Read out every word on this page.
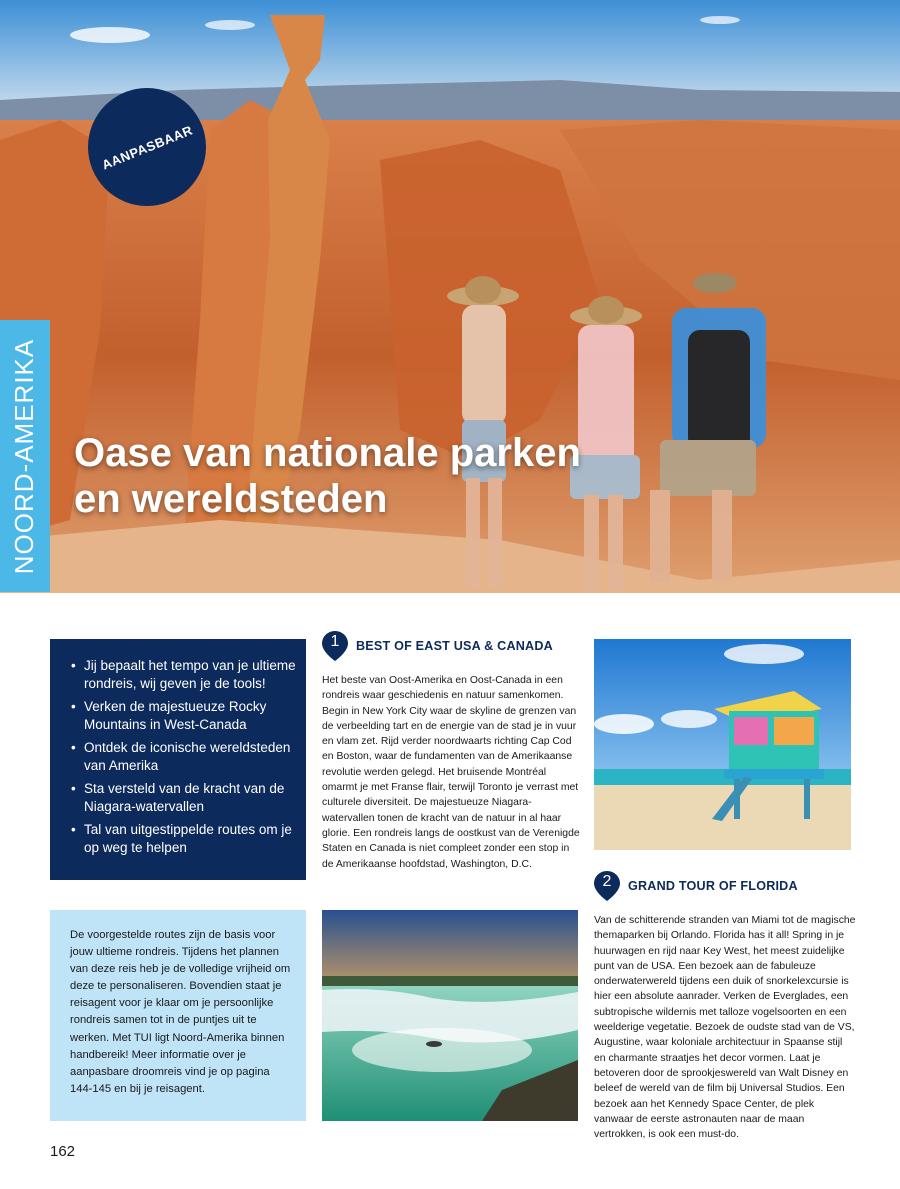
AANPASBAAR
NOORD-AMERIKA Oase van nationale parken
en wereldsteden
• Jij bepaalt het tempo van je ultieme rondreis, wij geven je de tools!
• Verken de majestueuze Rocky Mountains in West-Canada
• Ontdek de iconische wereldsteden van Amerika
• Sta versteld van de kracht van de Niagara-watervallen
• Tal van uitgestippelde routes om je op weg te helpen

De voorgestelde routes zijn de basis voor jouw ultieme rondreis. Tijdens het plannen van deze reis heb je de volledige vrijheid om deze te personaliseren. Bovendien staat je reisagent voor je klaar om je persoonlijke rondreis samen tot in de puntjes uit te werken. Met TUI ligt Noord-Amerika binnen handbereik! Meer informatie over je aanpasbare droomreis vind je op pagina 144-145 en bij je reisagent.

1	BEST OF EAST USA & CANADA

Het beste van Oost-Amerika en Oost-Canada in een rondreis waar geschiedenis en natuur samenkomen. Begin in New York City waar de skyline de grenzen van de verbeelding tart en de energie van de stad je in vuur en vlam zet. Rijd verder noordwaarts richting Cap Cod en Boston, waar de fundamenten van de Amerikaanse revolutie werden gelegd. Het bruisende Montréal omarmt je met Franse flair, terwijl Toronto je verrast met culturele diversiteit. De majestueuze Niagara-watervallen tonen de kracht van de natuur in al haar glorie. Een rondreis langs de oostkust van de Verenigde Staten en Canada is niet compleet zonder een stop in de Amerikaanse hoofdstad, Washington, D.C.

2	GRAND TOUR OF FLORIDA

Van de schitterende stranden van Miami tot de magische themaparken bij Orlando. Florida has it all! Spring in je huurwagen en rijd naar Key West, het meest zuidelijke punt van de USA. Een bezoek aan de fabuleuze onderwaterwereld tijdens een duik of snorkelexcursie is hier een absolute aanrader. Verken de Everglades, een subtropische wildernis met talloze vogelsoorten en een weelderige vegetatie. Bezoek de oudste stad van de VS, Augustine, waar koloniale architectuur in Spaanse stijl en charmante straatjes het decor vormen. Laat je betoveren door de sprookjeswereld van Walt Disney en beleef de wereld van de film bij Universal Studios. Een bezoek aan het Kennedy Space Center, de plek vanwaar de eerste astronauten naar de maan vertrokken, is ook een must-do.

162
